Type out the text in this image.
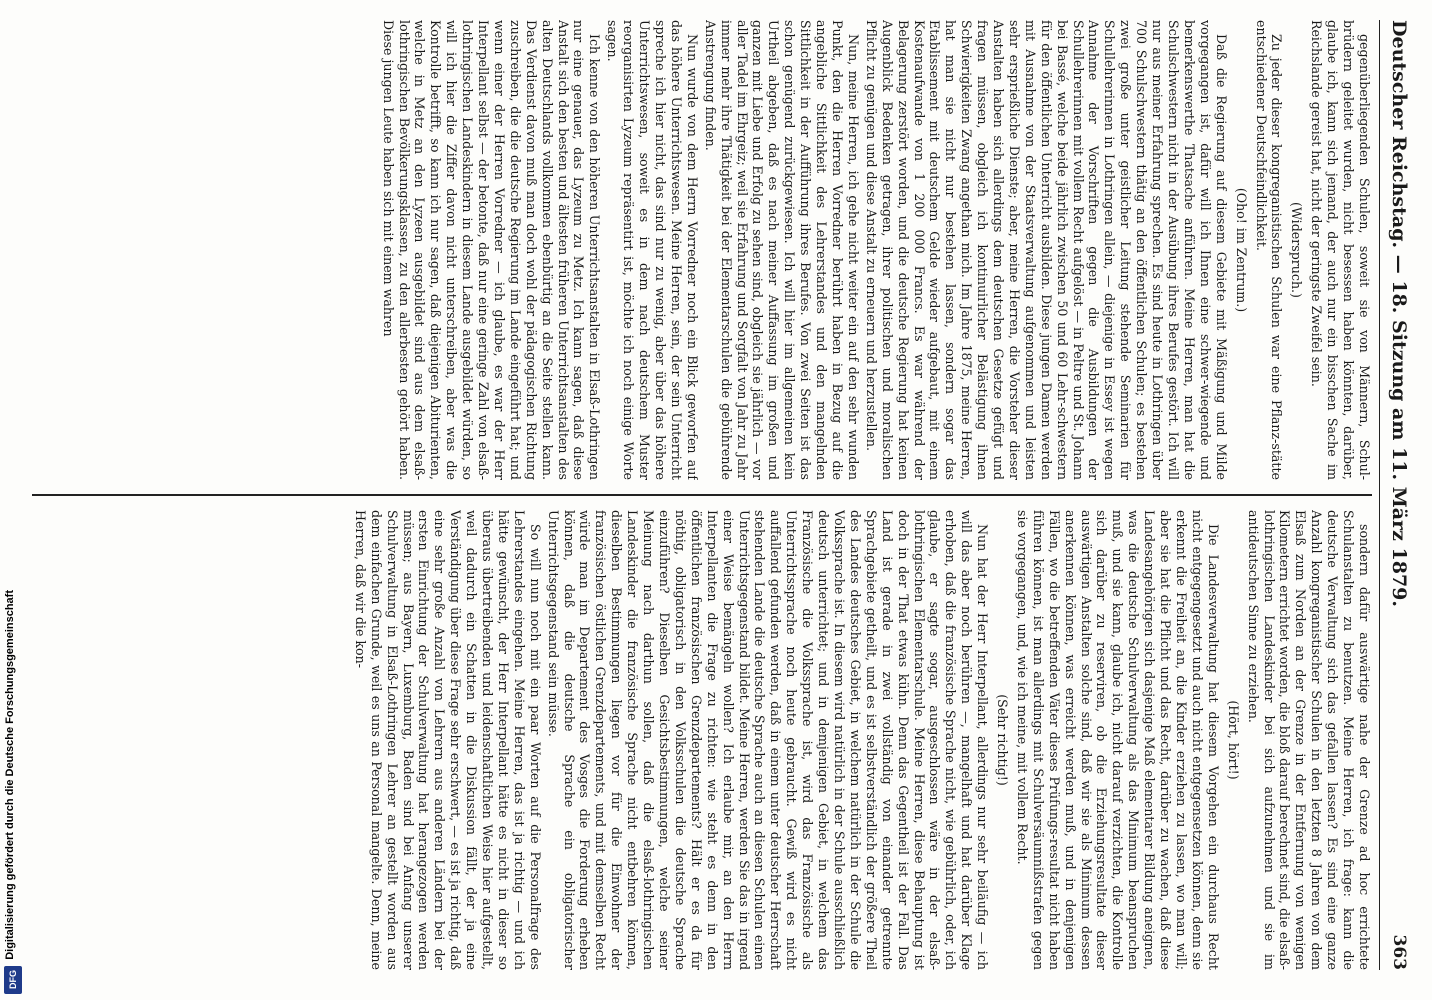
Deutscher Reichstag. — 18. Sitzung am 11. März 1879.
363

gegenüberliegenden Schulen, soweit sie von Männern, Schul-brüdern geleitet wurden, nicht besessen haben könnten, darüber, glaube ich, kann sich jemand, der auch nur ein bisschen Sache im Reichslande gereist hat, nicht der geringste Zweifel sein.

(Widerspruch.)

Zu jeder dieser kongreganistischen Schulen war eine Pflanz-stätte entschiedener Deutschfeindlichkeit.

(Oho! im Zentrum.)

Daß die Regierung auf diesem Gebiete mit Mäßigung und Milde vorgegangen ist, dafür will ich Ihnen eine schwer-wiegende und bemerkenswerthe Thatsache anführen. Meine Herren, man hat die Schulschwestern nicht in der Ausübung ihres Berufes gestört. Ich will nur aus meiner Erfahrung sprechen. Es sind heute in Lothringen über 700 Schulschwestern thätig an den öffentlichen Schulen; es bestehen zwei große unter geistlicher Leitung stehende Seminarien für Schullehrerinnen in Lothringen allein, — diejenige in Essey ist wegen Annahme der Vorschriften gegen die Ausbildungen der Schullehrerinnen mit vollem Recht aufgelöst — in Peltre und St. Johann bei Bassé, welche beide jährlich zwischen 50 und 60 Lehr-schwestern für den öffentlichen Unterricht ausbilden. Diese jungen Damen werden mit Ausnahme von der Staatsverwaltung aufgenommen und leisten sehr ersprießliche Dienste; aber, meine Herren, die Vorsteher dieser Anstalten haben sich allerdings dem deutschen Gesetze gefügt und fragen müssen, obgleich ich kontinuirlicher Belästigung ihnen Schwierigkeiten Zwang angethan mich. Im Jahre 1875, meine Herren, hat man sie nicht nur bestehen lassen, sondern sogar das Etablissement mit deutschem Gelde wieder aufgebaut, mit einem Kostenaufwande von 1 200 000 Francs. Es war während der Belagerung zerstört worden, und die deutsche Regierung hat keinen Augenblick Bedenken getragen, ihrer politischen und moralischen Pflicht zu genügen und diese Anstalt zu erneuern und herzustellen.

Nun, meine Herren, ich gehe nicht weiter ein auf den sehr wunden Punkt, den die Herren Vorredner berührt haben in Bezug auf die angebliche Sittlichkeit des Lehrerstandes und den mangelnden Sittlichkeit in der Aufführung ihres Berufes. Von zwei Seiten ist das schon genügend zurückgewiesen. Ich will hier im allgemeinen kein Urtheil abgeben, daß es nach meiner Auffassung im großen und ganzen mit Liebe und Erfolg zu sehen sind, obgleich sie jährlich — vor aller Tadel im Ehrgeiz; weil sie Erfahrung und Sorgfalt von Jahr zu Jahr immer mehr ihre Thätigkeit bei der Elementarschulen die gebührende Anstrengung finden.

Nun wurde von dem Herrn Vorredner noch ein Blick geworfen auf das höhere Unterrichtswesen. Meine Herren, sein, der sein Unterricht spreche ich hier nicht, das sind nur zu wenig, aber über das höhere Unterrichtswesen, soweit es in dem nach deutschem Muster reorganisirten Lyzeum repräsentirt ist, möchte ich noch einige Worte sagen.

Ich kenne von den höheren Unterrichtsanstalten in Elsaß-Lothringen nur eine genauer, das Lyzeum zu Metz. Ich kann sagen, daß diese Anstalt sich den besten und ältesten früheren Unterrichtsanstalten des alten Deutschlands vollkommen ebenbürtig an die Seite stellen kann. Das Verdienst davon muß man doch wohl der pädagogischen Richtung zuschreiben, die die deutsche Regierung im Lande eingeführt hat; und wenn einer der Herren Vorredner — ich glaube, es war der Herr Interpellant selbst — der betonte, daß nur eine geringe Zahl von elsaß-lothringischen Landeskindern in diesem Lande ausgebildet würden, so will ich hier die Ziffer davon nicht unterschreiben, aber was die Kontrolle betrifft, so kann ich nur sagen, daß diejenigen Abiturienten, welche in Metz an den Lyzeen ausgebildet sind aus dem elsaß-lothringischen Bevölkerungsklassen, zu den allerbesten gehört haben. Diese jungen Leute haben sich mit einem wahren

sondern dafür auswärtige nahe der Grenze ad hoc errichtete Schulanstalten zu benutzen. Meine Herren, ich frage: kann die deutsche Verwaltung sich das gefallen lassen? Es sind eine ganze Anzahl kongreganistischer Schulen in den letzten 8 Jahren von dem Elsaß zum Norden an der Grenze in der Entfernung von wenigen Kilometern errichtet worden, die bloß darauf berechnet sind, die elsaß-lothringischen Landeskinder bei sich aufzunehmen und sie im antideutschen Sinne zu erziehen.

(Hört, hört!)

Die Landesverwaltung hat diesem Vorgehen ein durchaus Recht nicht entgegengesetzt und auch nicht entgegensetzen können, denn sie erkennt die Freiheit an, die Kinder erziehen zu lassen, wo man will; aber sie hat die Pflicht und das Recht, darüber zu wachen, daß diese Landesangehörigen sich dasjenige Maß elementarer Bildung aneignen, was die deutsche Schulverwaltung als das Minimum beanspruchen muß, und sie kann, glaube ich, nicht darauf verzichten, die Kontrolle sich darüber zu reserviren, ob die Erziehungsresultate dieser auswärtigen Anstalten solche sind, daß wir sie als Minimum dessen anerkennen können, was erreicht werden muß, und in denjenigen Fällen, wo die betreffenden Väter dieses Prüfungs-resultat nicht haben führen können, ist man allerdings mit Schulversäumnißstrafen gegen sie vorgegangen, und, wie ich meine, mit vollem Recht.

(Sehr richtig!)

Nun hat der Herr Interpellant, allerdings nur sehr beiläufig — ich will das aber noch berühren —, mangelhaft und hat darüber Klage erhoben, daß die französische Sprache nicht, wie gebührlich, oder, ich glaube, er sagte sogar, ausgeschlossen wäre in der elsaß-lothringischen Elementarschule. Meine Herren, diese Behauptung ist doch in der That etwas kühn. Denn das Gegentheil ist der Fall. Das Land ist gerade in zwei vollständig von einander getrennte Sprachgebiete getheilt, und es ist selbstverständlich der größere Theil des Landes deutsches Gebiet, in welchem natürlich in der Schule die Volkssprache ist. In diesem wird natürlich in der Schule ausschließlich deutsch unterrichtet; und in demjenigen Gebiet, in welchem das Französische die Volkssprache ist, wird das Französische als Unterrichtssprache noch heute gebraucht. Gewiß wird es nicht auffallend gefunden werden, daß in einem unter deutscher Herrschaft stehenden Lande die deutsche Sprache auch an diesen Schulen einen Unterrichtsgegenstand bildet. Meine Herren, werden Sie das in irgend einer Weise bemängeln wollen? Ich erlaube mir, an den Herrn Interpellanten die Frage zu richten: wie steht es denn in den öffentlichen französischen Grenzdepartements? Hält er es da für nöthig, obligatorisch in den Volksschulen die deutsche Sprache einzuführen? Dieselben Gesichtsbestimmungen, welche seiner Meinung nach darthun sollen, daß die elsaß-lothringischen Landeskinder die französische Sprache nicht entbehren können, dieselben Bestimmungen liegen vor für die Einwohner der französischen östlichen Grenzdepartements, und mit demselben Recht würde man im Departement des Vosges die Forderung erheben können, daß die deutsche Sprache ein obligatorischer Unterrichtsgegenstand sein müsse.

So will nun noch mit ein paar Worten auf die Personalfrage des Lehrerstandes eingehen. Meine Herren, das ist ja richtig — und ich hätte gewünscht, der Herr Interpellant hätte es nicht in dieser so überaus übertreibenden und leidenschaftlichen Weise hier aufgestellt, weil dadurch ein Schatten in die Diskussion fällt, der ja eine Verständigung über diese Frage sehr erschwert, — es ist ja richtig, daß eine sehr große Anzahl von Lehrern aus anderen Ländern bei der ersten Einrichtung der Schulverwaltung hat herangezogen werden müssen; aus Bayern, Luxemburg, Baden sind bei Anfang unserer Schulverwaltung in Elsaß-Lothringen Lehrer an gestellt worden aus dem einfachen Grunde, weil es uns an Personal mangelte. Denn, meine Herren, daß wir die kon-

Digitalisierung gefördert durch die Deutsche Forschungsgemeinschaft
DFG
